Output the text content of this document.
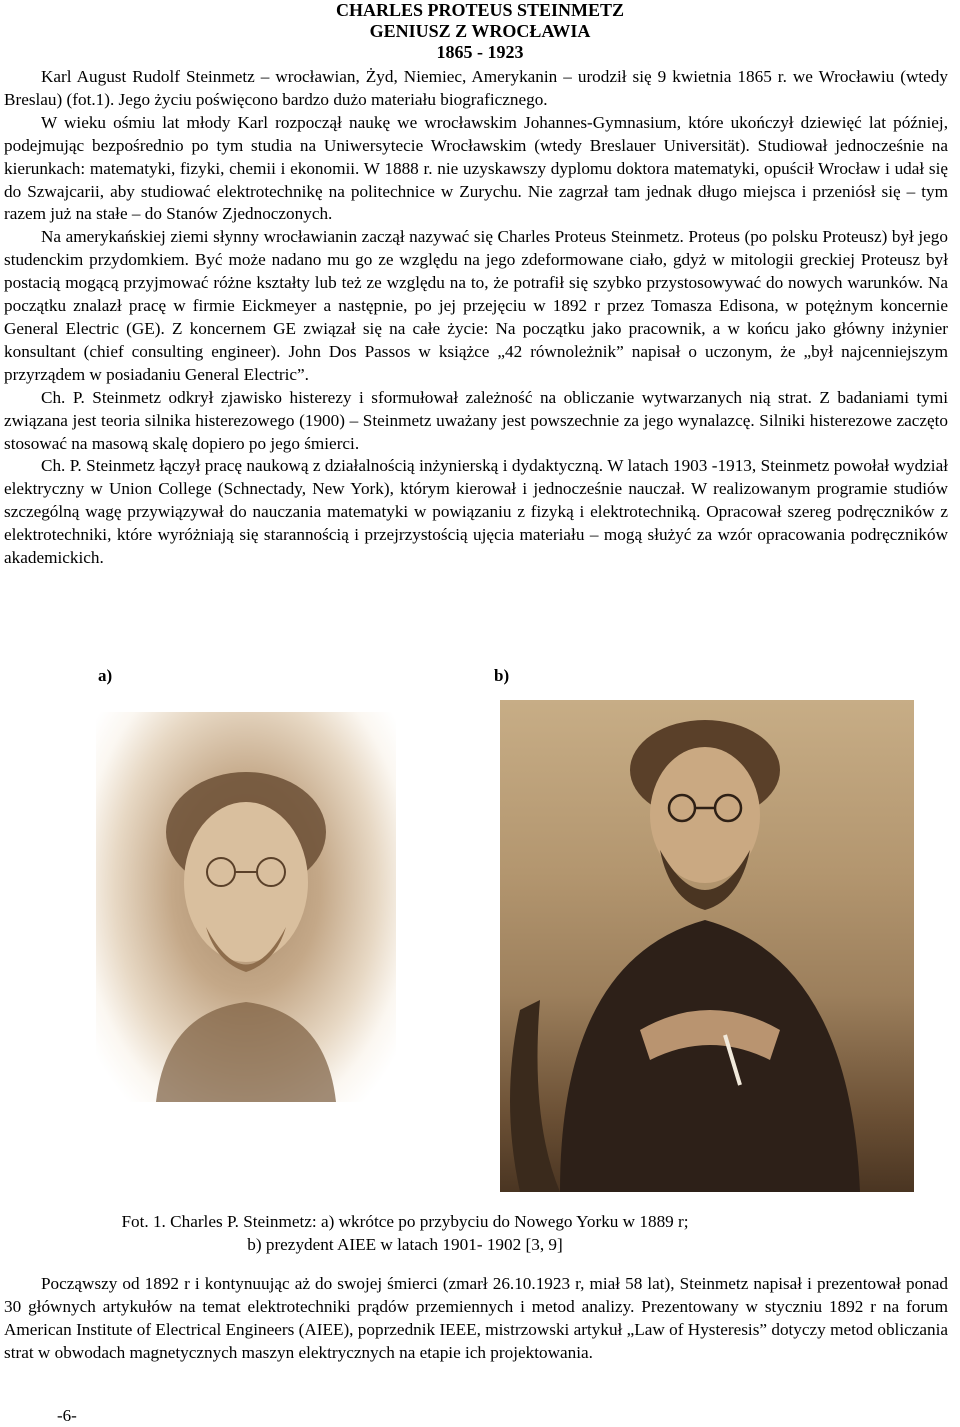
CHARLES PROTEUS STEINMETZ
GENIUSZ Z WROCŁAWIA
1865 - 1923

Karl August Rudolf Steinmetz – wrocławian, Żyd, Niemiec, Amerykanin – urodził się 9 kwietnia 1865 r. we Wrocławiu (wtedy Breslau) (fot.1). Jego życiu poświęcono bardzo dużo materiału biograficznego.

W wieku ośmiu lat młody Karl rozpoczął naukę we wrocławskim Johannes-Gymnasium, które ukończył dziewięć lat później, podejmując bezpośrednio po tym studia na Uniwersytecie Wrocławskim (wtedy Breslauer Universität). Studiował jednocześnie na kierunkach: matematyki, fizyki, chemii i ekonomii. W 1888 r. nie uzyskawszy dyplomu doktora matematyki, opuścił Wrocław i udał się do Szwajcarii, aby studiować elektrotechnikę na politechnice w Zurychu. Nie zagrzał tam jednak długo miejsca i przeniósł się – tym razem już na stałe – do Stanów Zjednoczonych.

Na amerykańskiej ziemi słynny wrocławianin zaczął nazywać się Charles Proteus Steinmetz. Proteus (po polsku Proteusz) był jego studenckim przydomkiem. Być może nadano mu go ze względu na jego zdeformowane ciało, gdyż w mitologii greckiej Proteusz był postacią mogącą przyjmować różne kształty lub też ze względu na to, że potrafił się szybko przystosowywać do nowych warunków. Na początku znalazł pracę w firmie Eickmeyer a następnie, po jej przejęciu w 1892 r przez Tomasza Edisona, w potężnym koncernie General Electric (GE). Z koncernem GE związał się na całe życie: Na początku jako pracownik, a w końcu jako główny inżynier konsultant (chief consulting engineer). John Dos Passos w książce „42 równoleżnik” napisał o uczonym, że „był najcenniejszym przyrządem w posiadaniu General Electric”.

Ch. P. Steinmetz odkrył zjawisko histerezy i sformułował zależność na obliczanie wytwarzanych nią strat. Z badaniami tymi związana jest teoria silnika histerezowego (1900) – Steinmetz uważany jest powszechnie za jego wynalazcę. Silniki histerezowe zaczęto stosować na masową skalę dopiero po jego śmierci.

Ch. P. Steinmetz łączył pracę naukową z działalnością inżynierską i dydaktyczną. W latach 1903 -1913, Steinmetz powołał wydział elektryczny w Union College (Schnectady, New York), którym kierował i jednocześnie nauczał. W realizowanym programie studiów szczególną wagę przywiązywał do nauczania matematyki w powiązaniu z fizyką i elektrotechniką. Opracował szereg podręczników z elektrotechniki, które wyróżniają się starannością i przejrzystością ujęcia materiału – mogą służyć za wzór opracowania podręczników akademickich.

a)	b)
Fot. 1. Charles P. Steinmetz: a) wkrótce po przybyciu do Nowego Yorku w 1889 r;
b) prezydent AIEE w latach 1901- 1902 [3, 9]

Począwszy od 1892 r i kontynuując aż do swojej śmierci (zmarł 26.10.1923 r, miał 58 lat), Steinmetz napisał i prezentował ponad 30 głównych artykułów na temat elektrotechniki prądów przemiennych i metod analizy. Prezentowany w styczniu 1892 r na forum American Institute of Electrical Engineers (AIEE), poprzednik IEEE, mistrzowski artykuł „Law of Hysteresis” dotyczy metod obliczania strat w obwodach magnetycznych maszyn elektrycznych na etapie ich projektowania.

-6-
